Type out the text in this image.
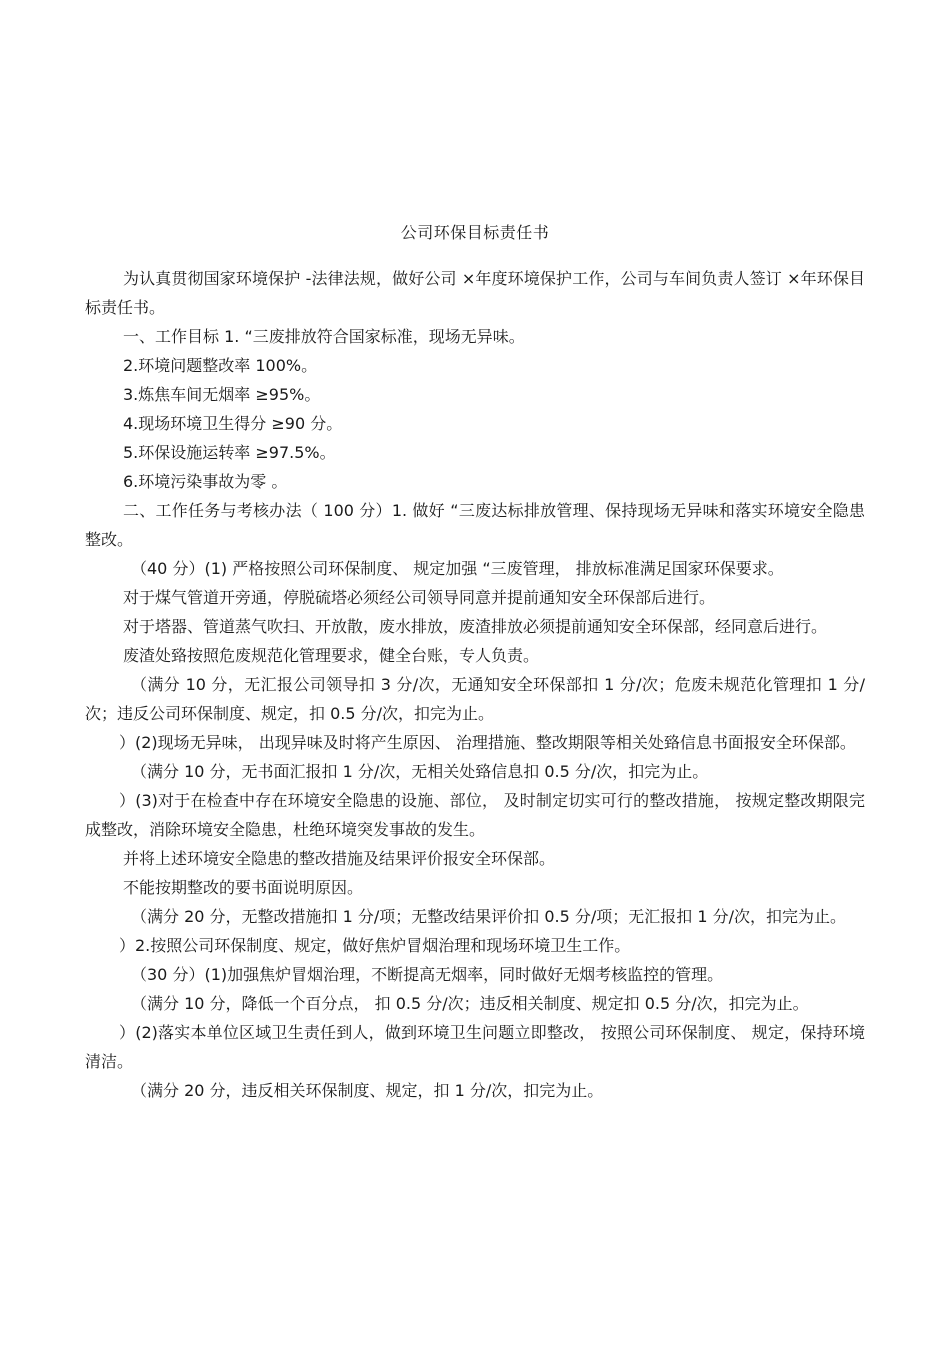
公司环保目标责任书

为认真贯彻国家环境保护 -法律法规，做好公司 ×年度环境保护工作，公司与车间负责人签订 ×年环保目标责任书。

一、工作目标 1. “三废排放符合国家标准，现场无异味。

2.环境问题整改率 100%。

3.炼焦车间无烟率 ≥95%。

4.现场环境卫生得分 ≥90 分。

5.环保设施运转率 ≥97.5%。

6.环境污染事故为零 。

二、工作任务与考核办法（ 100 分）1. 做好 “三废达标排放管理、保持现场无异味和落实环境安全隐患整改。

（40 分）(1) 严格按照公司环保制度、 规定加强 “三废管理， 排放标准满足国家环保要求。

对于煤气管道开旁通，停脱硫塔必须经公司领导同意并提前通知安全环保部后进行。

对于塔器、管道蒸气吹扫、开放散，废水排放，废渣排放必须提前通知安全环保部，经同意后进行。

废渣处臵按照危废规范化管理要求，健全台账，专人负责。

（满分 10 分，无汇报公司领导扣 3 分/次，无通知安全环保部扣 1 分/次；危废未规范化管理扣 1 分/次；违反公司环保制度、规定，扣 0.5 分/次，扣完为止。

）(2)现场无异味， 出现异味及时将产生原因、 治理措施、整改期限等相关处臵信息书面报安全环保部。

（满分 10 分，无书面汇报扣 1 分/次，无相关处臵信息扣 0.5 分/次，扣完为止。

）(3)对于在检查中存在环境安全隐患的设施、部位， 及时制定切实可行的整改措施， 按规定整改期限完成整改，消除环境安全隐患，杜绝环境突发事故的发生。

并将上述环境安全隐患的整改措施及结果评价报安全环保部。

不能按期整改的要书面说明原因。

（满分 20 分，无整改措施扣 1 分/项；无整改结果评价扣 0.5 分/项；无汇报扣 1 分/次，扣完为止。

）2.按照公司环保制度、规定，做好焦炉冒烟治理和现场环境卫生工作。

（30 分）(1)加强焦炉冒烟治理，不断提高无烟率，同时做好无烟考核监控的管理。

（满分 10 分，降低一个百分点， 扣 0.5 分/次；违反相关制度、规定扣 0.5 分/次，扣完为止。

）(2)落实本单位区域卫生责任到人，做到环境卫生问题立即整改， 按照公司环保制度、 规定，保持环境清洁。

（满分 20 分，违反相关环保制度、规定，扣 1 分/次，扣完为止。
